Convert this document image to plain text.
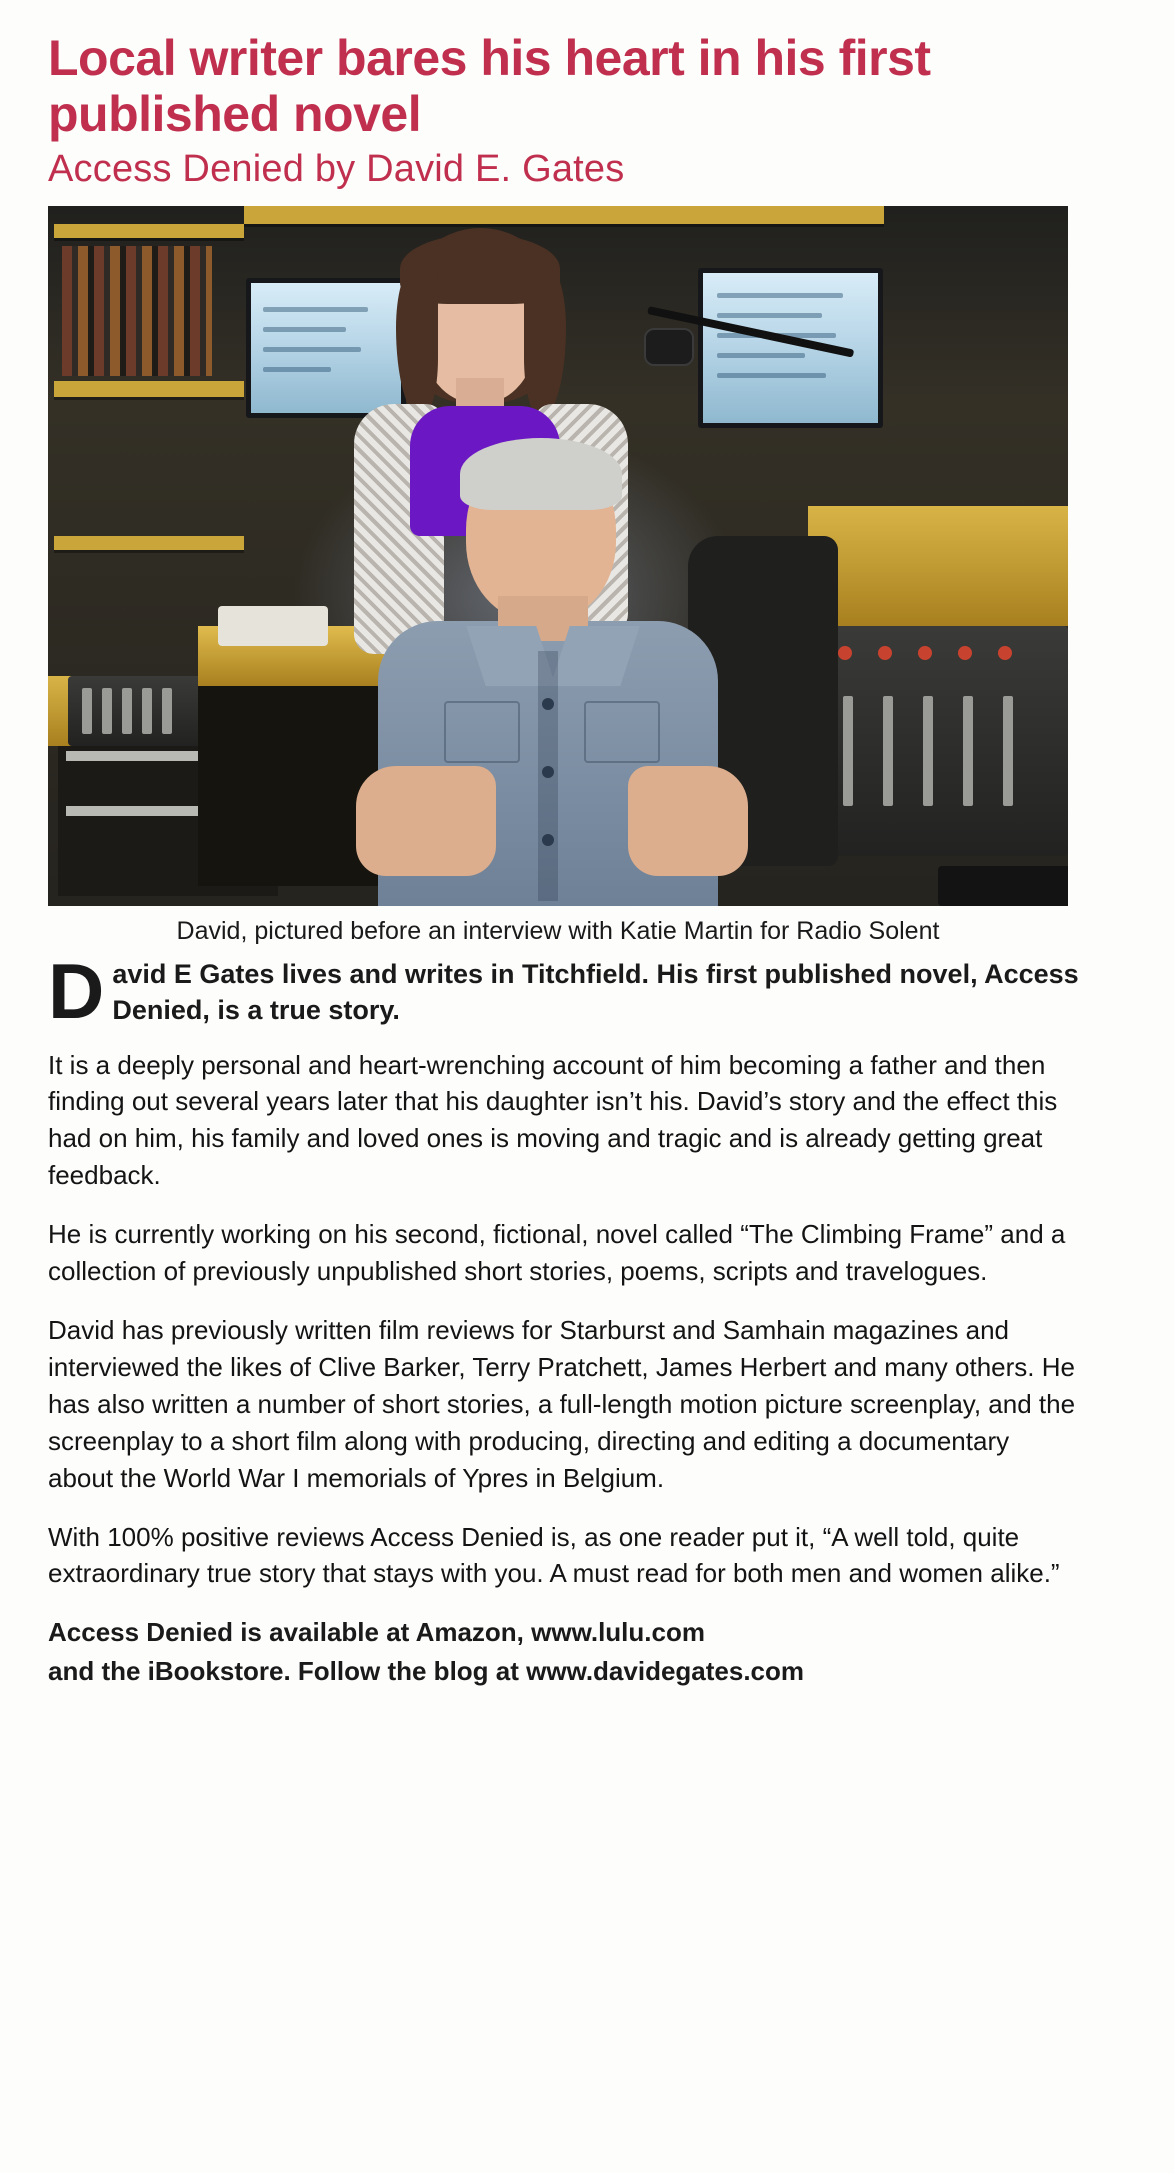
Local writer bares his heart in his first published novel
Access Denied by David E. Gates
David, pictured before an interview with Katie Martin for Radio Solent
D avid E Gates lives and writes in Titchfield. His first published novel, Access Denied, is a true story.

It is a deeply personal and heart-wrenching account of him becoming a father and then finding out several years later that his daughter isn’t his. David’s story and the effect this had on him, his family and loved ones is moving and tragic and is already getting great feedback.

He is currently working on his second, fictional, novel called “The Climbing Frame” and a collection of previously unpublished short stories, poems, scripts and travelogues.

David has previously written film reviews for Starburst and Samhain magazines and interviewed the likes of Clive Barker, Terry Pratchett, James Herbert and many others. He has also written a number of short stories, a full-length motion picture screenplay, and the screenplay to a short film along with producing, directing and editing a documentary about the World War I memorials of Ypres in Belgium.

With 100% positive reviews Access Denied is, as one reader put it, “A well told, quite extraordinary true story that stays with you. A must read for both men and women alike.”

Access Denied is available at Amazon, www.lulu.com
and the iBookstore. Follow the blog at www.davidegates.com
